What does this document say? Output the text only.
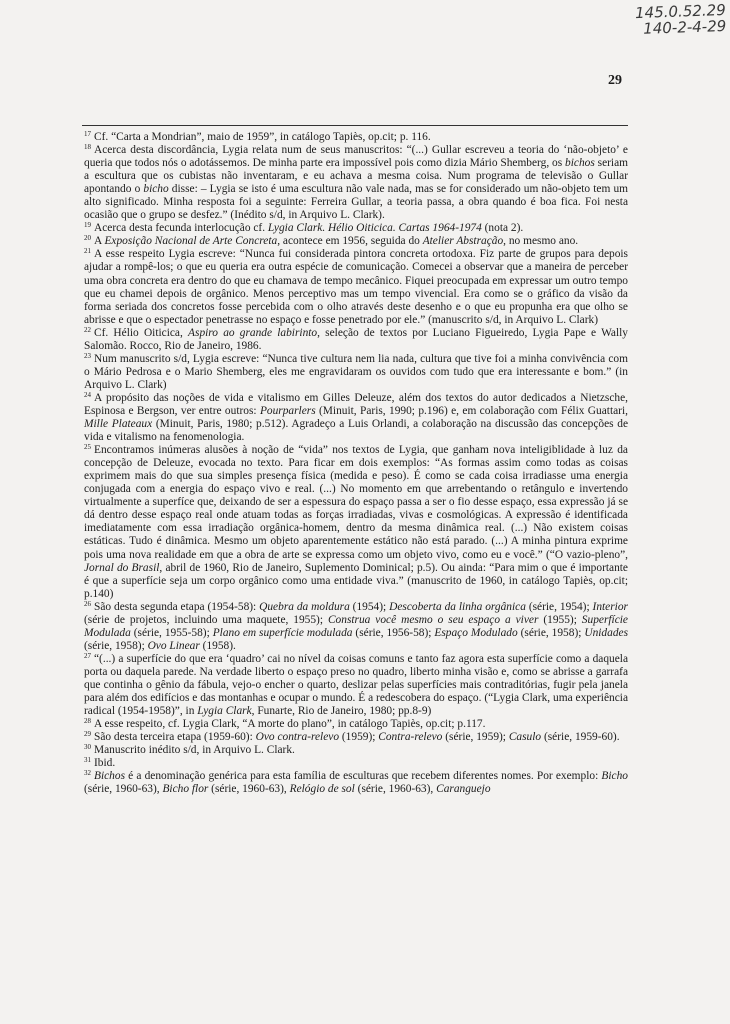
145.0.52.29
140-2-4-29
29

$^{17}$ Cf. “Carta a Mondrian”, maio de 1959”, in catálogo Tapiès, op.cit; p. 116.

$^{18}$ Acerca desta discordância, Lygia relata num de seus manuscritos: “(...) Gullar escreveu a teoria do ‘não-objeto’ e queria que todos nós o adotássemos. De minha parte era impossível pois como dizia Mário Shemberg, os bichos seriam a escultura que os cubistas não inventaram, e eu achava a mesma coisa. Num programa de televisão o Gullar apontando o bicho disse: – Lygia se isto é uma escultura não vale nada, mas se for considerado um não-objeto tem um alto significado. Minha resposta foi a seguinte: Ferreira Gullar, a teoria passa, a obra quando é boa fica. Foi nesta ocasião que o grupo se desfez.” (Inédito s/d, in Arquivo L. Clark).

$^{19}$ Acerca desta fecunda interlocução cf. Lygia Clark. Hélio Oiticica. Cartas 1964-1974 (nota 2).

$^{20}$ A Exposição Nacional de Arte Concreta, acontece em 1956, seguida do Atelier Abstração, no mesmo ano.

$^{21}$ A esse respeito Lygia escreve: “Nunca fui considerada pintora concreta ortodoxa. Fiz parte de grupos para depois ajudar a rompê-los; o que eu queria era outra espécie de comunicação. Comecei a observar que a maneira de perceber uma obra concreta era dentro do que eu chamava de tempo mecânico. Fiquei preocupada em expressar um outro tempo que eu chamei depois de orgânico. Menos perceptivo mas um tempo vivencial. Era como se o gráfico da visão da forma seriada dos concretos fosse percebida com o olho através deste desenho e o que eu propunha era que olho se abrisse e que o espectador penetrasse no espaço e fosse penetrado por ele.” (manuscrito s/d, in Arquivo L. Clark)

$^{22}$ Cf. Hélio Oiticica, Aspiro ao grande labirinto, seleção de textos por Luciano Figueiredo, Lygia Pape e Wally Salomão. Rocco, Rio de Janeiro, 1986.

$^{23}$ Num manuscrito s/d, Lygia escreve: “Nunca tive cultura nem lia nada, cultura que tive foi a minha convivência com o Mário Pedrosa e o Mario Shemberg, eles me engravidaram os ouvidos com tudo que era interessante e bom.” (in Arquivo L. Clark)

$^{24}$ A propósito das noções de vida e vitalismo em Gilles Deleuze, além dos textos do autor dedicados a Nietzsche, Espinosa e Bergson, ver entre outros: Pourparlers (Minuit, Paris, 1990; p.196) e, em colaboração com Félix Guattari, Mille Plateaux (Minuit, Paris, 1980; p.512). Agradeço a Luis Orlandi, a colaboração na discussão das concepções de vida e vitalismo na fenomenologia.

$^{25}$ Encontramos inúmeras alusões à noção de “vida” nos textos de Lygia, que ganham nova inteligiblidade à luz da concepção de Deleuze, evocada no texto. Para ficar em dois exemplos: “As formas assim como todas as coisas exprimem mais do que sua simples presença física (medida e peso). É como se cada coisa irradiasse uma energia conjugada com a energia do espaço vivo e real. (...) No momento em que arrebentando o retângulo e invertendo virtualmente a superfíce que, deixando de ser a espessura do espaço passa a ser o fio desse espaço, essa expressão já se dá dentro desse espaço real onde atuam todas as forças irradiadas, vivas e cosmológicas. A expressão é identificada imediatamente com essa irradiação orgânica-homem, dentro da mesma dinâmica real. (...) Não existem coisas estáticas. Tudo é dinâmica. Mesmo um objeto aparentemente estático não está parado. (...) A minha pintura exprime pois uma nova realidade em que a obra de arte se expressa como um objeto vivo, como eu e você.” (“O vazio-pleno”, Jornal do Brasil, abril de 1960, Rio de Janeiro, Suplemento Dominical; p.5). Ou ainda: “Para mim o que é importante é que a superfície seja um corpo orgânico como uma entidade viva.” (manuscrito de 1960, in catálogo Tapiès, op.cit; p.140)

$^{26}$ São desta segunda etapa (1954-58): Quebra da moldura (1954); Descoberta da linha orgânica (série, 1954); Interior (série de projetos, incluindo uma maquete, 1955); Construa você mesmo o seu espaço a viver (1955); Superfície Modulada (série, 1955-58); Plano em superfície modulada (série, 1956-58); Espaço Modulado (série, 1958); Unidades (série, 1958); Ovo Linear (1958).

$^{27}$ “(...) a superfície do que era ‘quadro’ cai no nível da coisas comuns e tanto faz agora esta superfície como a daquela porta ou daquela parede. Na verdade liberto o espaço preso no quadro, liberto minha visão e, como se abrisse a garrafa que continha o gênio da fábula, vejo-o encher o quarto, deslizar pelas superfícies mais contraditórias, fugir pela janela para além dos edifícios e das montanhas e ocupar o mundo. É a redescobera do espaço. (“Lygia Clark, uma experiência radical (1954-1958)”, in Lygia Clark, Funarte, Rio de Janeiro, 1980; pp.8-9)

$^{28}$ A esse respeito, cf. Lygia Clark, “A morte do plano”, in catálogo Tapiès, op.cit; p.117.

$^{29}$ São desta terceira etapa (1959-60): Ovo contra-relevo (1959); Contra-relevo (série, 1959); Casulo (série, 1959-60).

$^{30}$ Manuscrito inédito s/d, in Arquivo L. Clark.

$^{31}$ Ibid.

$^{32}$ Bichos é a denominação genérica para esta família de esculturas que recebem diferentes nomes. Por exemplo: Bicho (série, 1960-63), Bicho flor (série, 1960-63), Relógio de sol (série, 1960-63), Caranguejo
